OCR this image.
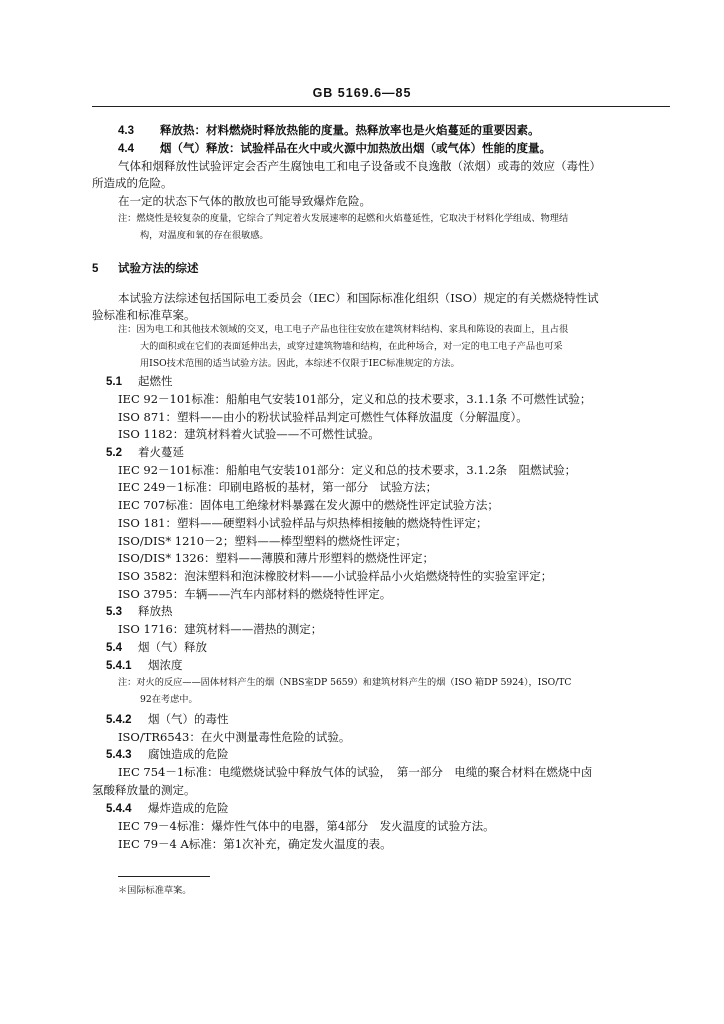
GB 5169.6—85
4.3 释放热：材料燃烧时释放热能的度量。热释放率也是火焰蔓延的重要因素。
4.4 烟（气）释放：试验样品在火中或火源中加热放出烟（或气体）性能的度量。
气体和烟释放性试验评定会否产生腐蚀电工和电子设备或不良逸散（浓烟）或毒的效应（毒性）
所造成的危险。
在一定的状态下气体的散放也可能导致爆炸危险。
注：燃烧性是较复杂的度量，它综合了判定着火发展速率的起燃和火焰蔓延性，它取决于材料化学组成、物理结
构，对温度和氧的存在很敏感。
5 试验方法的综述
本试验方法综述包括国际电工委员会（IEC）和国际标准化组织（ISO）规定的有关燃烧特性试
验标准和标准草案。
注：因为电工和其他技术领域的交叉，电工电子产品也往往安放在建筑材料结构、家具和陈设的表面上，且占很
大的面积或在它们的表面延伸出去，或穿过建筑物墙和结构，在此种场合，对一定的电工电子产品也可采
用ISO技术范围的适当试验方法。因此，本综述不仅限于IEC标准规定的方法。
5.1 起燃性
IEC 92－101标准：船舶电气安装101部分，定义和总的技术要求，3.1.1条 不可燃性试验；
ISO 871：塑料——由小的粉状试验样品判定可燃性气体释放温度（分解温度）。
ISO 1182：建筑材料着火试验——不可燃性试验。
5.2 着火蔓延
IEC 92－101标准：船舶电气安装101部分：定义和总的技术要求，3.1.2条　阻燃试验；
IEC 249－1标准：印刷电路板的基材，第一部分　试验方法；
IEC 707标准：固体电工绝缘材料暴露在发火源中的燃烧性评定试验方法；
ISO 181：塑料——硬塑料小试验样品与炽热棒相接触的燃烧特性评定；
ISO/DIS* 1210－2；塑料——棒型塑料的燃烧性评定；
ISO/DIS* 1326：塑料——薄膜和薄片形塑料的燃烧性评定；
ISO 3582：泡沫塑料和泡沫橡胶材料——小试验样品小火焰燃烧特性的实验室评定；
ISO 3795：车辆——汽车内部材料的燃烧特性评定。
5.3 释放热
ISO 1716：建筑材料——潜热的测定；
5.4 烟（气）释放
5.4.1 烟浓度
注：对火的反应——固体材料产生的烟（NBS室DP 5659）和建筑材料产生的烟（ISO 箱DP 5924），ISO/TC
92在考虑中。
5.4.2 烟（气）的毒性
ISO/TR6543：在火中测量毒性危险的试验。
5.4.3 腐蚀造成的危险
IEC 754－1标准：电缆燃烧试验中释放气体的试验，　第一部分　电缆的聚合材料在燃烧中卤
氢酸释放量的测定。
5.4.4 爆炸造成的危险
IEC 79－4标准：爆炸性气体中的电器，第4部分　发火温度的试验方法。
IEC 79－4 A标准：第1次补充，确定发火温度的表。
＊国际标准草案。
